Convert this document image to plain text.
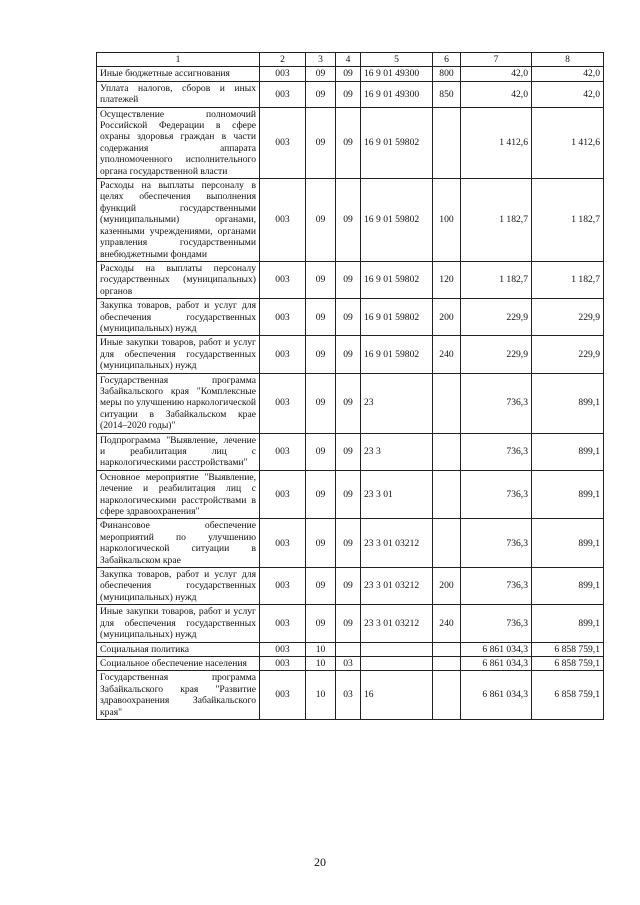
1	2	3	4	5	6	7	8
Иные бюджетные ассигнования	003	09	09	16 9 01 49300	800	42,0	42,0
Уплата налогов, сборов и иных платежей	003	09	09	16 9 01 49300	850	42,0	42,0
Осуществление полномочий Российской Федерации в сфере охраны здоровья граждан в части содержания аппарата уполномоченного исполнительного органа государственной власти	003	09	09	16 9 01 59802		1 412,6	1 412,6
Расходы на выплаты персоналу в целях обеспечения выполнения функций государственными (муниципальными) органами, казенными учреждениями, органами управления государственными внебюджетными фондами	003	09	09	16 9 01 59802	100	1 182,7	1 182,7
Расходы на выплаты персоналу государственных (муниципальных) органов	003	09	09	16 9 01 59802	120	1 182,7	1 182,7
Закупка товаров, работ и услуг для обеспечения государственных (муниципальных) нужд	003	09	09	16 9 01 59802	200	229,9	229,9
Иные закупки товаров, работ и услуг для обеспечения государственных (муниципальных) нужд	003	09	09	16 9 01 59802	240	229,9	229,9
Государственная программа Забайкальского края "Комплексные меры по улучшению наркологической ситуации в Забайкальском крае (2014–2020 годы)"	003	09	09	23		736,3	899,1
Подпрограмма "Выявление, лечение и реабилитация лиц с наркологическими расстройствами"	003	09	09	23 3		736,3	899,1
Основное мероприятие "Выявление, лечение и реабилитация лиц с наркологическими расстройствами в сфере здравоохранения"	003	09	09	23 3 01		736,3	899,1
Финансовое обеспечение мероприятий по улучшению наркологической ситуации в Забайкальском крае	003	09	09	23 3 01 03212		736,3	899,1
Закупка товаров, работ и услуг для обеспечения государственных (муниципальных) нужд	003	09	09	23 3 01 03212	200	736,3	899,1
Иные закупки товаров, работ и услуг для обеспечения государственных (муниципальных) нужд	003	09	09	23 3 01 03212	240	736,3	899,1
Социальная политика	003	10				6 861 034,3	6 858 759,1
Социальное обеспечение населения	003	10	03			6 861 034,3	6 858 759,1
Государственная программа Забайкальского края "Развитие здравоохранения Забайкальского края"	003	10	03	16		6 861 034,3	6 858 759,1
20
